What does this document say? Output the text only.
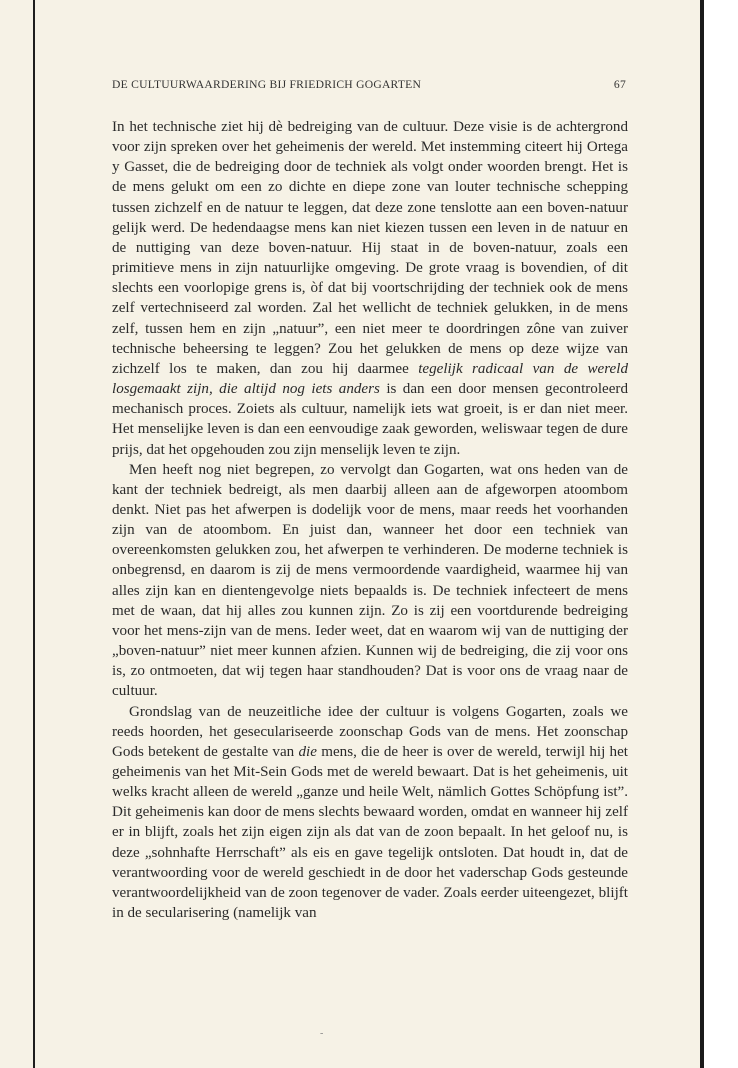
DE CULTUURWAARDERING BIJ FRIEDRICH GOGARTEN	67

In het technische ziet hij dè bedreiging van de cultuur. Deze visie is de achtergrond voor zijn spreken over het geheimenis der wereld. Met instemming citeert hij Ortega y Gasset, die de bedreiging door de techniek als volgt onder woorden brengt. Het is de mens gelukt om een zo dichte en diepe zone van louter technische schepping tussen zichzelf en de natuur te leggen, dat deze zone tenslotte aan een boven-natuur gelijk werd. De hedendaagse mens kan niet kiezen tussen een leven in de natuur en de nuttiging van deze boven-natuur. Hij staat in de boven-natuur, zoals een primitieve mens in zijn natuurlijke omgeving. De grote vraag is bovendien, of dit slechts een voorlopige grens is, òf dat bij voortschrijding der techniek ook de mens zelf vertechniseerd zal worden. Zal het wellicht de techniek gelukken, in de mens zelf, tussen hem en zijn „natuur”, een niet meer te doordringen zône van zuiver technische beheersing te leggen? Zou het gelukken de mens op deze wijze van zichzelf los te maken, dan zou hij daarmee tegelijk radicaal van de wereld losgemaakt zijn, die altijd nog iets anders is dan een door mensen gecontroleerd mechanisch proces. Zoiets als cultuur, namelijk iets wat groeit, is er dan niet meer. Het menselijke leven is dan een eenvoudige zaak geworden, weliswaar tegen de dure prijs, dat het opgehouden zou zijn menselijk leven te zijn.

Men heeft nog niet begrepen, zo vervolgt dan Gogarten, wat ons heden van de kant der techniek bedreigt, als men daarbij alleen aan de afgeworpen atoombom denkt. Niet pas het afwerpen is dodelijk voor de mens, maar reeds het voorhanden zijn van de atoombom. En juist dan, wanneer het door een techniek van overeenkomsten gelukken zou, het afwerpen te verhinderen. De moderne techniek is onbegrensd, en daarom is zij de mens vermoordende vaardigheid, waarmee hij van alles zijn kan en dientengevolge niets bepaalds is. De techniek infecteert de mens met de waan, dat hij alles zou kunnen zijn. Zo is zij een voortdurende bedreiging voor het mens-zijn van de mens. Ieder weet, dat en waarom wij van de nuttiging der „boven-natuur” niet meer kunnen afzien. Kunnen wij de bedreiging, die zij voor ons is, zo ontmoeten, dat wij tegen haar standhouden? Dat is voor ons de vraag naar de cultuur.

Grondslag van de neuzeitliche idee der cultuur is volgens Gogarten, zoals we reeds hoorden, het geseculariseerde zoonschap Gods van de mens. Het zoonschap Gods betekent de gestalte van die mens, die de heer is over de wereld, terwijl hij het geheimenis van het Mit-Sein Gods met de wereld bewaart. Dat is het geheimenis, uit welks kracht alleen de wereld „ganze und heile Welt, nämlich Gottes Schöpfung ist”. Dit geheimenis kan door de mens slechts bewaard worden, omdat en wanneer hij zelf er in blijft, zoals het zijn eigen zijn als dat van de zoon bepaalt. In het geloof nu, is deze „sohnhafte Herrschaft” als eis en gave tegelijk ontsloten. Dat houdt in, dat de verantwoording voor de wereld geschiedt in de door het vaderschap Gods gesteunde verantwoordelijkheid van de zoon tegenover de vader. Zoals eerder uiteengezet, blijft in de secularisering (namelijk van

-
